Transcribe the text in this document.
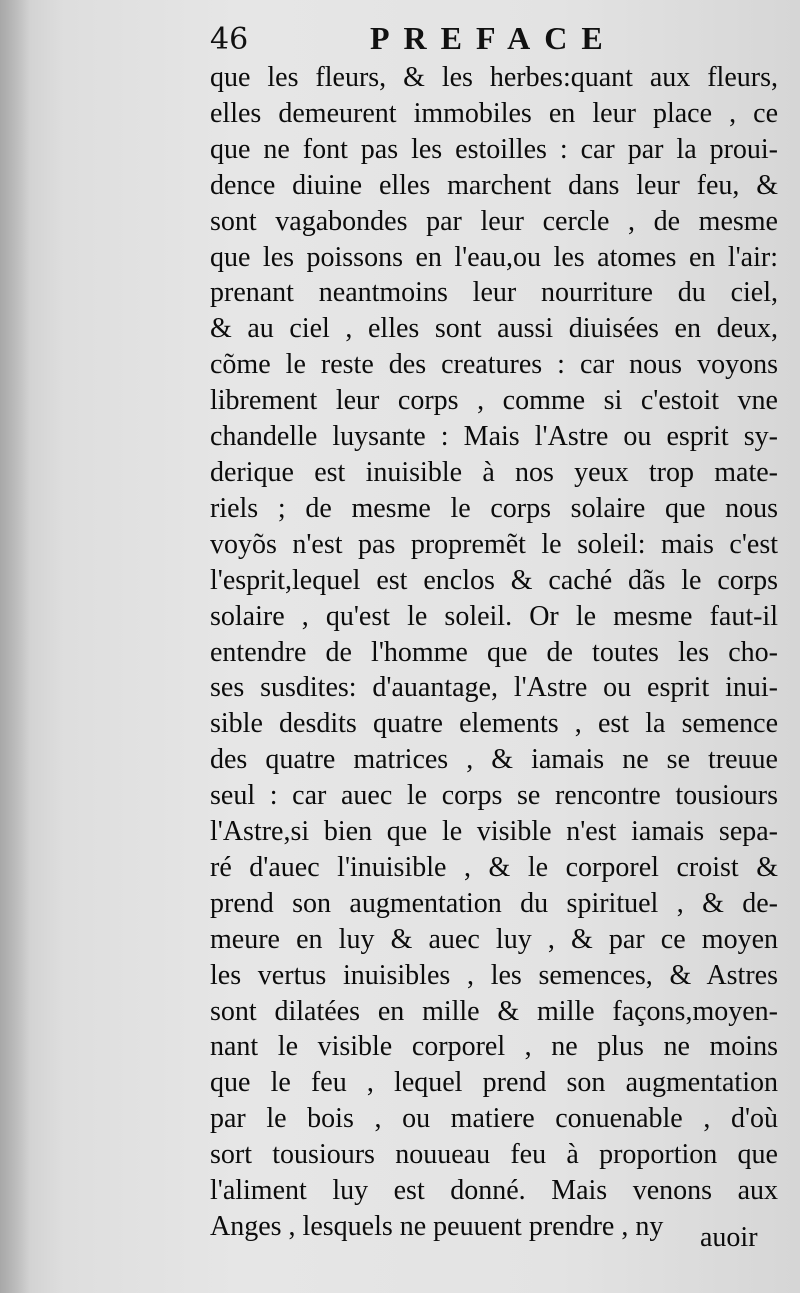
46	PREFACE
que les fleurs, & les herbes:quant aux fleurs,
elles demeurent immobiles en leur place , ce
que ne font pas les estoilles : car par la proui-
dence diuine elles marchent dans leur feu, &
sont vagabondes par leur cercle , de mesme
que les poissons en l'eau,ou les atomes en l'air:
prenant neantmoins leur nourriture du ciel,
& au ciel , elles sont aussi diuisées en deux,
cõme le reste des creatures : car nous voyons
librement leur corps , comme si c'estoit vne
chandelle luysante : Mais l'Astre ou esprit sy-
derique est inuisible à nos yeux trop mate-
riels ; de mesme le corps solaire que nous
voyõs n'est pas propremẽt le soleil: mais c'est
l'esprit,lequel est enclos & caché dãs le corps
solaire , qu'est le soleil. Or le mesme faut-il
entendre de l'homme que de toutes les cho-
ses susdites: d'auantage, l'Astre ou esprit inui-
sible desdits quatre elements , est la semence
des quatre matrices , & iamais ne se treuue
seul : car auec le corps se rencontre tousiours
l'Astre,si bien que le visible n'est iamais sepa-
ré d'auec l'inuisible , & le corporel croist &
prend son augmentation du spirituel , & de-
meure en luy & auec luy , & par ce moyen
les vertus inuisibles , les semences, & Astres
sont dilatées en mille & mille façons,moyen-
nant le visible corporel , ne plus ne moins
que le feu , lequel prend son augmentation
par le bois , ou matiere conuenable , d'où
sort tousiours nouueau feu à proportion que
l'aliment luy est donné. Mais venons aux
Anges , lesquels ne peuuent prendre , ny	auoir
